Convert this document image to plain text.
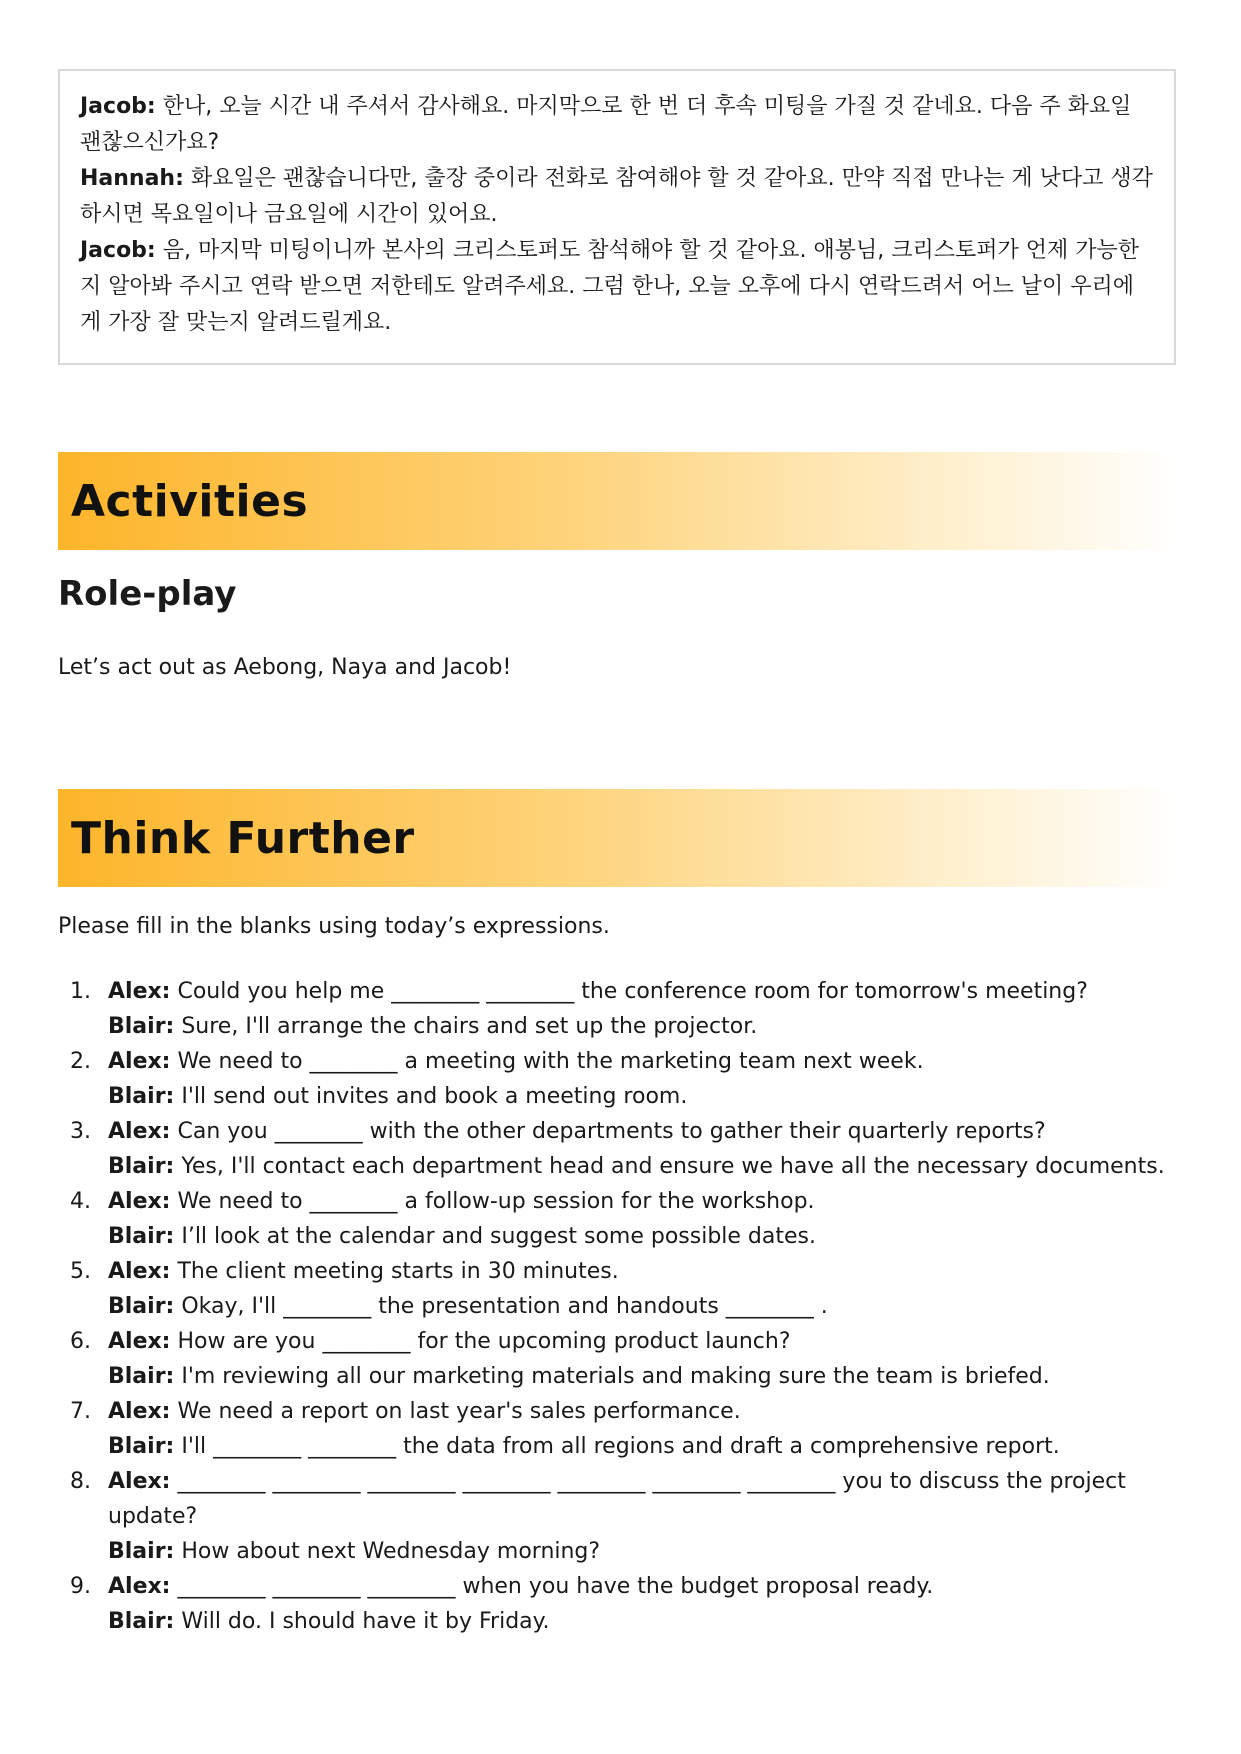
Jacob: 한나, 오늘 시간 내 주셔서 감사해요. 마지막으로 한 번 더 후속 미팅을 가질 것 같네요. 다음 주 화요일 괜찮으신가요?

Hannah: 화요일은 괜찮습니다만, 출장 중이라 전화로 참여해야 할 것 같아요. 만약 직접 만나는 게 낫다고 생각하시면 목요일이나 금요일에 시간이 있어요.

Jacob: 음, 마지막 미팅이니까 본사의 크리스토퍼도 참석해야 할 것 같아요. 애봉님, 크리스토퍼가 언제 가능한지 알아봐 주시고 연락 받으면 저한테도 알려주세요. 그럼 한나, 오늘 오후에 다시 연락드려서 어느 날이 우리에게 가장 잘 맞는지 알려드릴게요.

Activities
Role-play

Let’s act out as Aebong, Naya and Jacob!

Think Further

Please fill in the blanks using today’s expressions.

1. Alex: Could you help me ________ ________ the conference room for tomorrow's meeting?
Blair: Sure, I'll arrange the chairs and set up the projector.
2. Alex: We need to ________ a meeting with the marketing team next week.
Blair: I'll send out invites and book a meeting room.
3. Alex: Can you ________ with the other departments to gather their quarterly reports?
Blair: Yes, I'll contact each department head and ensure we have all the necessary documents.
4. Alex: We need to ________ a follow-up session for the workshop.
Blair: I’ll look at the calendar and suggest some possible dates.
5. Alex: The client meeting starts in 30 minutes.
Blair: Okay, I'll ________ the presentation and handouts ________ .
6. Alex: How are you ________ for the upcoming product launch?
Blair: I'm reviewing all our marketing materials and making sure the team is briefed.
7. Alex: We need a report on last year's sales performance.
Blair: I'll ________ ________ the data from all regions and draft a comprehensive report.
8. Alex: ________ ________ ________ ________ ________ ________ ________ you to discuss the project update?
Blair: How about next Wednesday morning?
9. Alex: ________ ________ ________ when you have the budget proposal ready.
Blair: Will do. I should have it by Friday.
